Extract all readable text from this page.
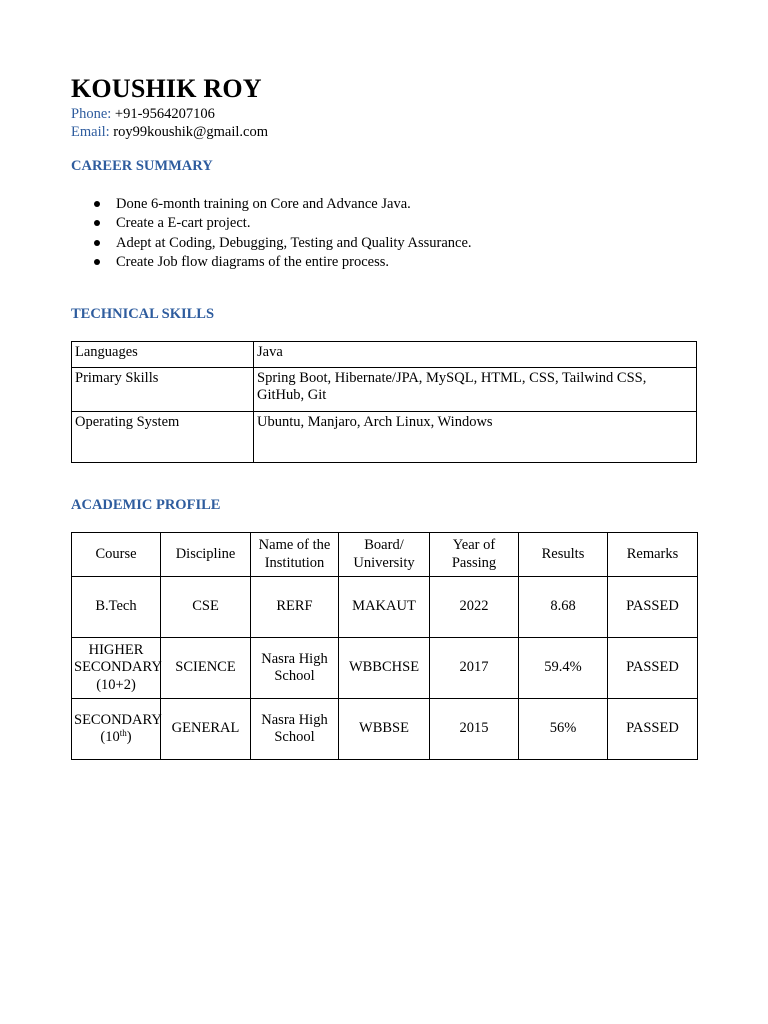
KOUSHIK ROY
Phone: +91-9564207106
Email: roy99koushik@gmail.com
CAREER SUMMARY
Done 6-month training on Core and Advance Java.
Create a E-cart project.
Adept at Coding, Debugging, Testing and Quality Assurance.
Create Job flow diagrams of the entire process.
TECHNICAL SKILLS
Languages	Java
Primary Skills	Spring Boot, Hibernate/JPA, MySQL, HTML, CSS, Tailwind CSS, GitHub, Git
Operating System	Ubuntu, Manjaro, Arch Linux, Windows
ACADEMIC PROFILE
Course	Discipline	Name of the Institution	Board/ University	Year of Passing	Results	Remarks
B.Tech	CSE	RERF	MAKAUT	2022	8.68	PASSED
HIGHER SECONDARY (10+2)	SCIENCE	Nasra High School	WBBCHSE	2017	59.4%	PASSED
SECONDARY (10th)	GENERAL	Nasra High School	WBBSE	2015	56%	PASSED
